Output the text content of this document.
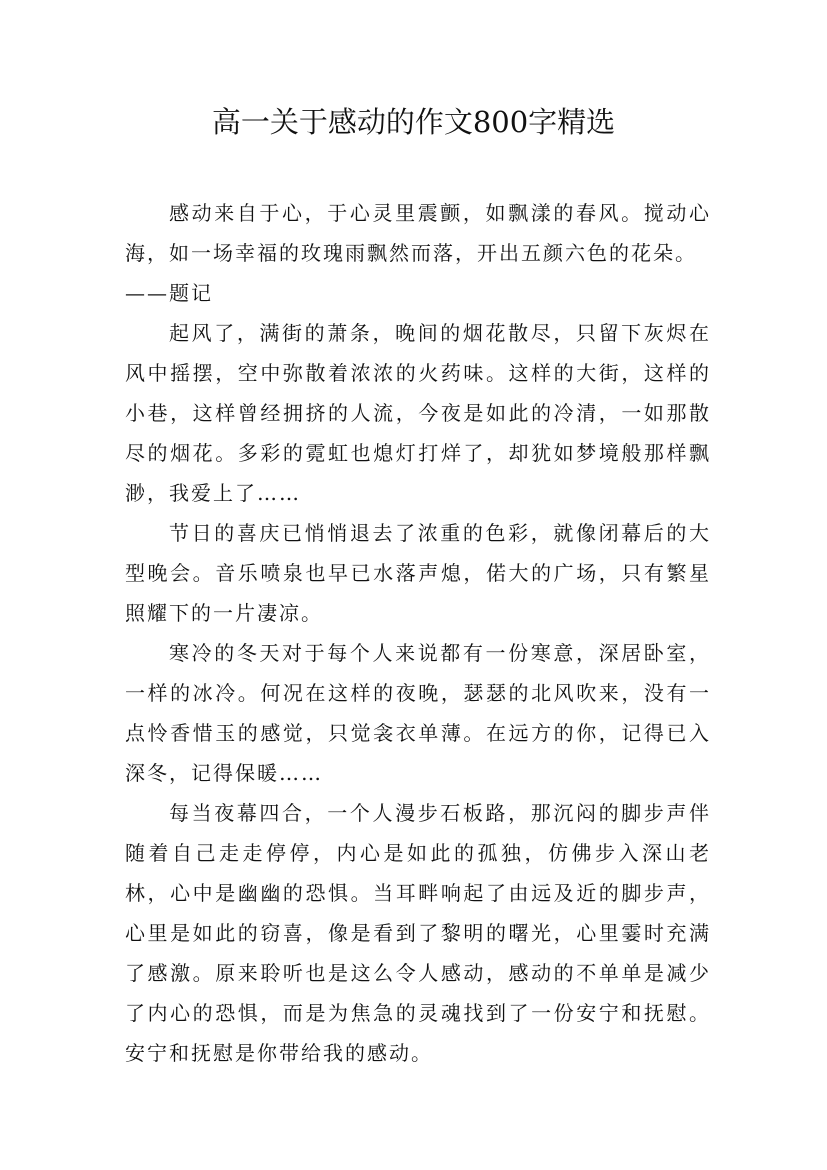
高一关于感动的作文800字精选

感动来自于心，于心灵里震颤，如飘漾的春风。搅动心海，如一场幸福的玫瑰雨飘然而落，开出五颜六色的花朵。

——题记

起风了，满街的萧条，晚间的烟花散尽，只留下灰烬在风中摇摆，空中弥散着浓浓的火药味。这样的大街，这样的小巷，这样曾经拥挤的人流，今夜是如此的冷清，一如那散尽的烟花。多彩的霓虹也熄灯打烊了，却犹如梦境般那样飘渺，我爱上了……

节日的喜庆已悄悄退去了浓重的色彩，就像闭幕后的大型晚会。音乐喷泉也早已水落声熄，偌大的广场，只有繁星照耀下的一片凄凉。

寒冷的冬天对于每个人来说都有一份寒意，深居卧室，一样的冰冷。何况在这样的夜晚，瑟瑟的北风吹来，没有一点怜香惜玉的感觉，只觉衾衣单薄。在远方的你，记得已入深冬，记得保暖……

每当夜幕四合，一个人漫步石板路，那沉闷的脚步声伴随着自己走走停停，内心是如此的孤独，仿佛步入深山老林，心中是幽幽的恐惧。当耳畔响起了由远及近的脚步声，心里是如此的窃喜，像是看到了黎明的曙光，心里霎时充满了感激。原来聆听也是这么令人感动，感动的不单单是减少了内心的恐惧，而是为焦急的灵魂找到了一份安宁和抚慰。安宁和抚慰是你带给我的感动。
